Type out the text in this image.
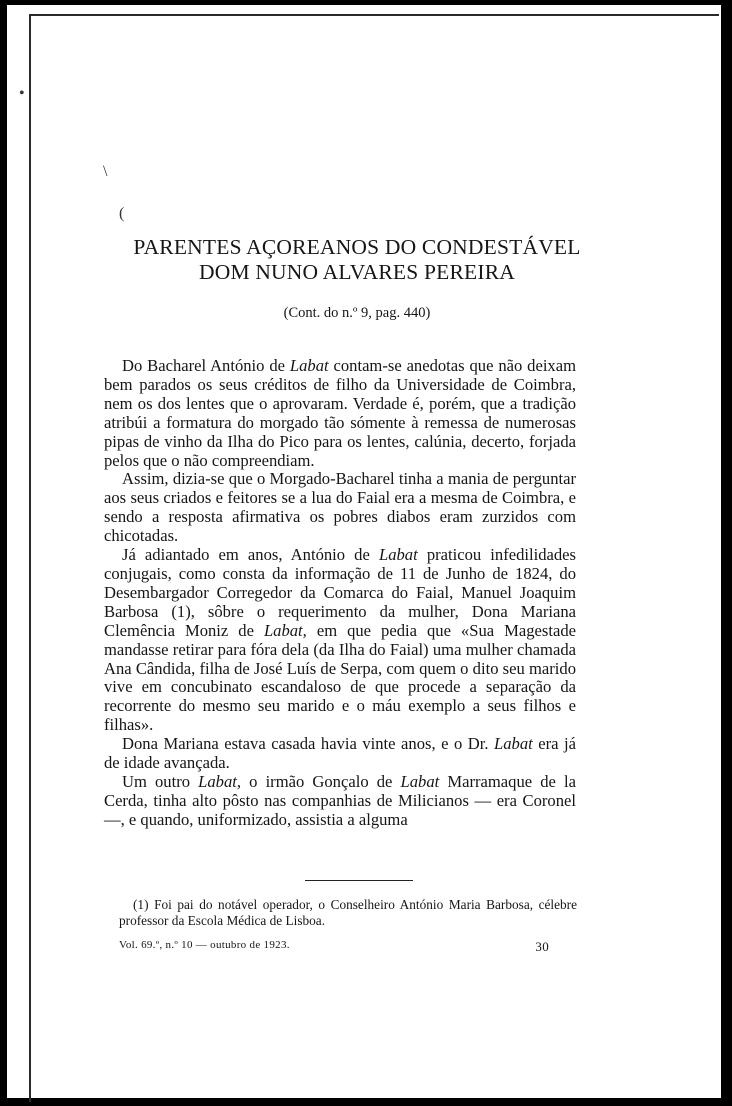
•
\
(
PARENTES AÇOREANOS DO CONDESTÁVEL
DOM NUNO ALVARES PEREIRA

(Cont. do n.º 9, pag. 440)

Do Bacharel António de Labat contam-se anedotas que não deixam bem parados os seus créditos de filho da Universidade de Coimbra, nem os dos lentes que o aprovaram. Verdade é, porém, que a tradição atribúi a formatura do morgado tão sómente à remessa de numerosas pipas de vinho da Ilha do Pico para os lentes, calúnia, decerto, forjada pelos que o não compreendiam.

Assim, dizia-se que o Morgado-Bacharel tinha a mania de perguntar aos seus criados e feitores se a lua do Faial era a mesma de Coimbra, e sendo a resposta afirmativa os pobres diabos eram zurzidos com chicotadas.

Já adiantado em anos, António de Labat praticou infedilidades conjugais, como consta da informação de 11 de Junho de 1824, do Desembargador Corregedor da Comarca do Faial, Manuel Joaquim Barbosa (1), sôbre o requerimento da mulher, Dona Mariana Clemência Moniz de Labat, em que pedia que «Sua Magestade mandasse retirar para fóra dela (da Ilha do Faial) uma mulher chamada Ana Cândida, filha de José Luís de Serpa, com quem o dito seu marido vive em concubinato escandaloso de que procede a separação da recorrente do mesmo seu marido e o máu exemplo a seus filhos e filhas».

Dona Mariana estava casada havia vinte anos, e o Dr. Labat era já de idade avançada.

Um outro Labat, o irmão Gonçalo de Labat Marramaque de la Cerda, tinha alto pôsto nas companhias de Milicianos — era Coronel —, e quando, uniformizado, assistia a alguma

(1) Foi pai do notável operador, o Conselheiro António Maria Barbosa, célebre professor da Escola Médica de Lisboa.

Vol. 69.º, n.º 10 — outubro de 1923.	30
